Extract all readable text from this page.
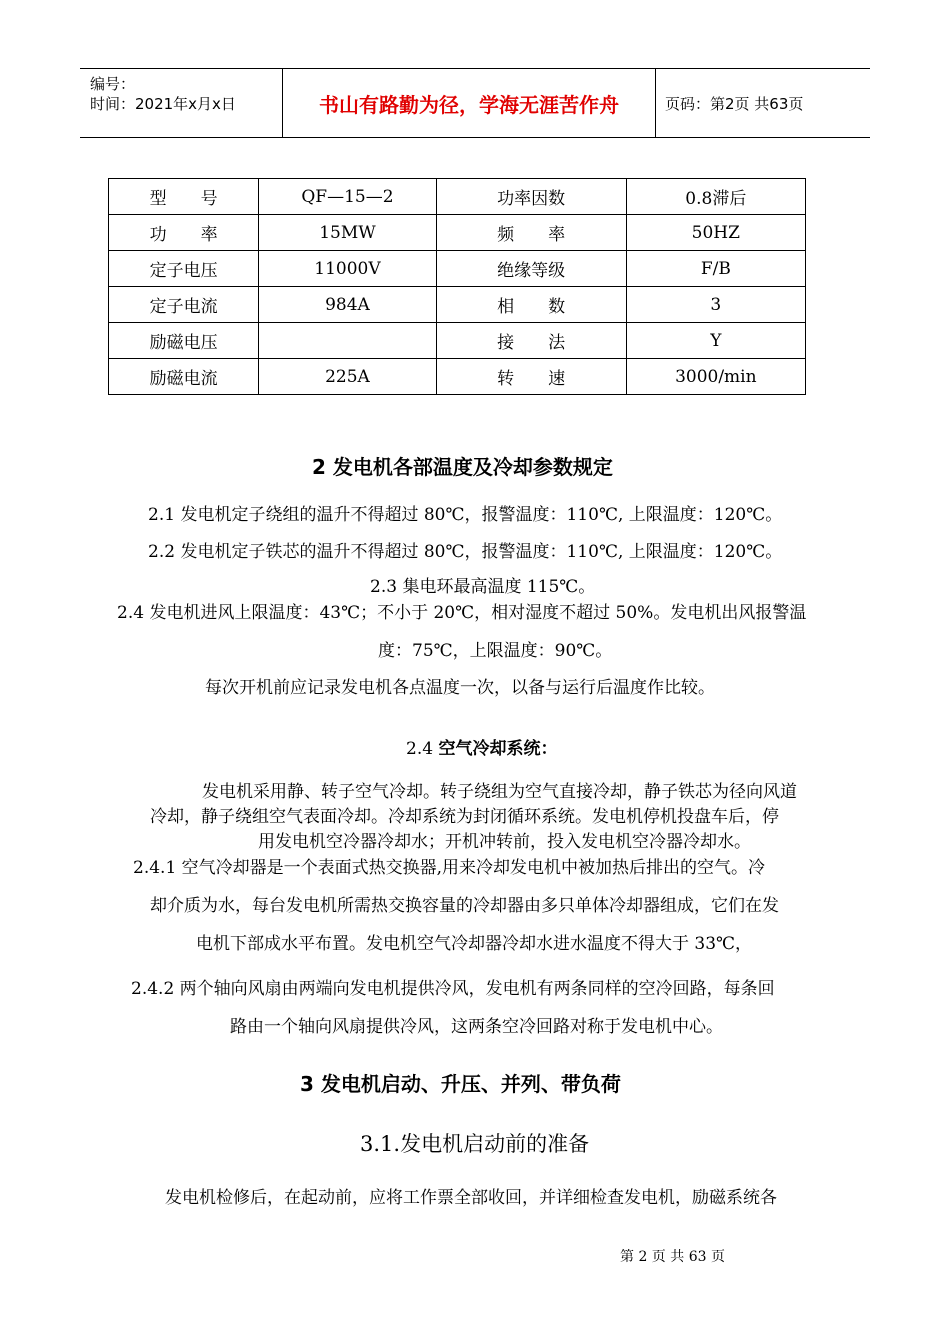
编号：
时间：2021年x月x日	书山有路勤为径，学海无涯苦作舟	页码：第2页 共63页
型　　号	QF—15—2	功率因数	0.8滞后
功　　率	15MW	频　　率	50HZ
定子电压	11000V	绝缘等级	F/B
定子电流	984A	相　　数	3
励磁电压		接　　法	Y
励磁电流	225A	转　　速	3000/min
2 发电机各部温度及冷却参数规定
2.1 发电机定子绕组的温升不得超过 80℃，报警温度：110℃, 上限温度：120℃。
2.2 发电机定子铁芯的温升不得超过 80℃，报警温度：110℃, 上限温度：120℃。
2.3 集电环最高温度 115℃。
2.4 发电机进风上限温度：43℃；不小于 20℃，相对湿度不超过 50%。发电机出风报警温
度：75℃，上限温度：90℃。
每次开机前应记录发电机各点温度一次，以备与运行后温度作比较。
2.4 空气冷却系统：
发电机采用静、转子空气冷却。转子绕组为空气直接冷却，静子铁芯为径向风道
冷却，静子绕组空气表面冷却。冷却系统为封闭循环系统。发电机停机投盘车后，停
用发电机空冷器冷却水；开机冲转前，投入发电机空冷器冷却水。
2.4.1 空气冷却器是一个表面式热交换器,用来冷却发电机中被加热后排出的空气。冷
却介质为水，每台发电机所需热交换容量的冷却器由多只单体冷却器组成，它们在发
电机下部成水平布置。发电机空气冷却器冷却水进水温度不得大于 33℃，
2.4.2 两个轴向风扇由两端向发电机提供冷风，发电机有两条同样的空冷回路，每条回
路由一个轴向风扇提供冷风，这两条空冷回路对称于发电机中心。
3 发电机启动、升压、并列、带负荷
3.1.发电机启动前的准备
发电机检修后，在起动前，应将工作票全部收回，并详细检查发电机，励磁系统各
第 2 页 共 63 页
